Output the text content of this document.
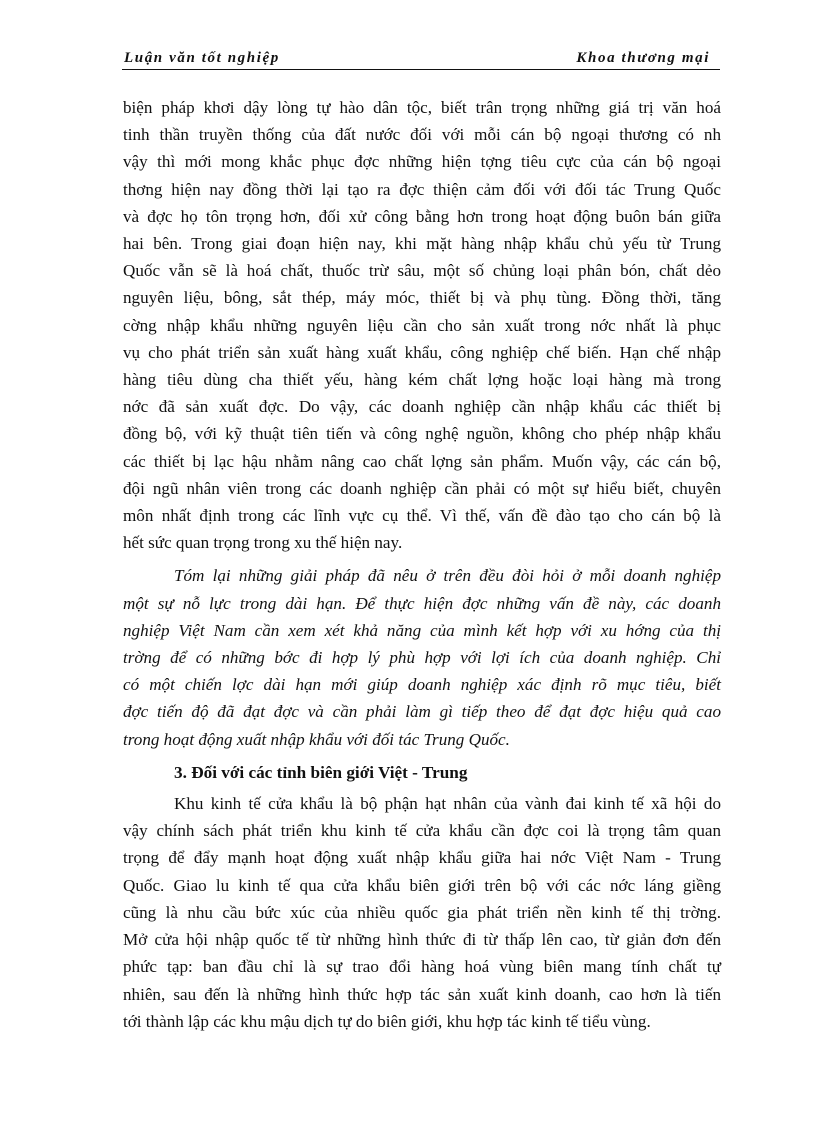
Luận văn tốt nghiệp	Khoa thương mại
biện pháp khơi dậy lòng tự hào dân tộc, biết trân trọng những giá trị văn hoá
tinh thần truyền thống của đất nước đối với mỗi cán bộ ngoại thương có nh
vậy thì mới mong khắc phục đợc những hiện tợng tiêu cực của cán bộ ngoại
thơng hiện nay đồng thời lại tạo ra đợc thiện cảm đối với đối tác Trung Quốc
và đợc họ tôn trọng hơn, đối xử công bằng hơn trong hoạt động buôn bán giữa
hai bên. Trong giai đoạn hiện nay, khi mặt hàng nhập khẩu chủ yếu từ Trung
Quốc vẫn sẽ là hoá chất, thuốc trừ sâu, một số chủng loại phân bón, chất dẻo
nguyên liệu, bông, sắt thép, máy móc, thiết bị và phụ tùng. Đồng thời, tăng
cờng nhập khẩu những nguyên liệu cần cho sản xuất trong nớc nhất là phục
vụ cho phát triển sản xuất hàng xuất khẩu, công nghiệp chế biến. Hạn chế nhập
hàng tiêu dùng cha thiết yếu, hàng kém chất lợng hoặc loại hàng mà trong
nớc đã sản xuất đợc. Do vậy, các doanh nghiệp cần nhập khẩu các thiết bị
đồng bộ, với kỹ thuật tiên tiến và công nghệ nguồn, không cho phép nhập khẩu
các thiết bị lạc hậu nhằm nâng cao chất lợng sản phẩm. Muốn vậy, các cán bộ,
đội ngũ nhân viên trong các doanh nghiệp cần phải có một sự hiểu biết, chuyên
môn nhất định trong các lĩnh vực cụ thể. Vì thế, vấn đề đào tạo cho cán bộ là
hết sức quan trọng trong xu thế hiện nay.
Tóm lại những giải pháp đã nêu ở trên đều đòi hỏi ở mỗi doanh nghiệp
một sự nỗ lực trong dài hạn. Để thực hiện đợc những vấn đề này, các doanh
nghiệp Việt Nam cần xem xét khả năng của mình kết hợp với xu hớng của thị
trờng để có những bớc đi hợp lý phù hợp với lợi ích của doanh nghiệp. Chỉ
có một chiến lợc dài hạn mới giúp doanh nghiệp xác định rõ mục tiêu, biết
đợc tiến độ đã đạt đợc và cần phải làm gì tiếp theo để đạt đợc hiệu quả cao
trong hoạt động xuất nhập khẩu với đối tác Trung Quốc.
3. Đối với các tỉnh biên giới Việt - Trung
Khu kinh tế cửa khẩu là bộ phận hạt nhân của vành đai kinh tế xã hội do
vậy chính sách phát triển khu kinh tế cửa khẩu cần đợc coi là trọng tâm quan
trọng để đẩy mạnh hoạt động xuất nhập khẩu giữa hai nớc Việt Nam - Trung
Quốc. Giao lu kinh tế qua cửa khẩu biên giới trên bộ với các nớc láng giềng
cũng là nhu cầu bức xúc của nhiều quốc gia phát triển nền kinh tế thị trờng.
Mở cửa hội nhập quốc tế từ những hình thức đi từ thấp lên cao, từ giản đơn đến
phức tạp: ban đầu chỉ là sự trao đổi hàng hoá vùng biên mang tính chất tự
nhiên, sau đến là những hình thức hợp tác sản xuất kinh doanh, cao hơn là tiến
tới thành lập các khu mậu dịch tự do biên giới, khu hợp tác kinh tế tiểu vùng.
